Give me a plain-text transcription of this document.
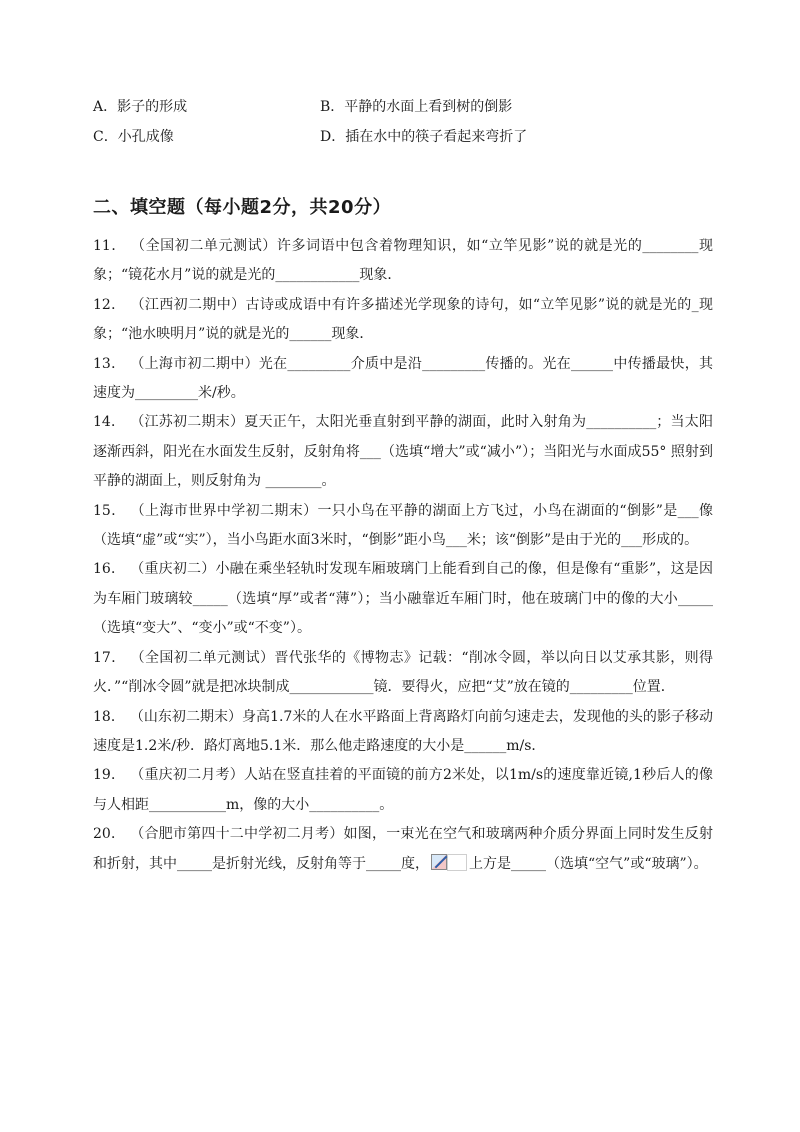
A．影子的形成	B．平静的水面上看到树的倒影
C．小孔成像	D．插在水中的筷子看起来弯折了
二、填空题（每小题2分，共20分）

11． （全国初二单元测试）许多词语中包含着物理知识，如“立竿见影”说的就是光的________现象；“镜花水月”说的就是光的____________现象．

12． （江西初二期中）古诗或成语中有许多描述光学现象的诗句，如“立竿见影”说的就是光的_现象；“池水映明月”说的就是光的______现象．

13． （上海市初二期中）光在_________介质中是沿_________传播的。光在______中传播最快，其速度为_________米/秒。

14． （江苏初二期末）夏天正午，太阳光垂直射到平静的湖面，此时入射角为__________；当太阳逐渐西斜，阳光在水面发生反射，反射角将___（选填“增大”或“减小”）；当阳光与水面成55° 照射到平静的湖面上，则反射角为 ________。

15． （上海市世界中学初二期末）一只小鸟在平静的湖面上方飞过，小鸟在湖面的“倒影”是___像（选填“虚”或“实”），当小鸟距水面3米时，“倒影”距小鸟___米；该“倒影”是由于光的___形成的。

16． （重庆初二）小融在乘坐轻轨时发现车厢玻璃门上能看到自己的像，但是像有“重影”，这是因为车厢门玻璃较_____（选填“厚”或者“薄”）；当小融靠近车厢门时，他在玻璃门中的像的大小_____（选填“变大”、“变小”或“不变”）。

17． （全国初二单元测试）晋代张华的《博物志》记载：“削冰令圆，举以向日以艾承其影，则得火．”“削冰令圆”就是把冰块制成____________镜．要得火，应把“艾”放在镜的_________位置．

18． （山东初二期末）身高1.7米的人在水平路面上背离路灯向前匀速走去，发现他的头的影子移动速度是1.2米/秒．路灯离地5.1米．那么他走路速度的大小是______m/s．

19． （重庆初二月考）人站在竖直挂着的平面镜的前方2米处，以1m/s的速度靠近镜,1秒后人的像与人相距___________m，像的大小__________。

20． （合肥市第四十二中学初二月考）如图，一束光在空气和玻璃两种介质分界面上同时发生反射和折射，其中_____是折射光线，反射角等于_____度，	上方是_____（选填“空气”或“玻璃”）。
